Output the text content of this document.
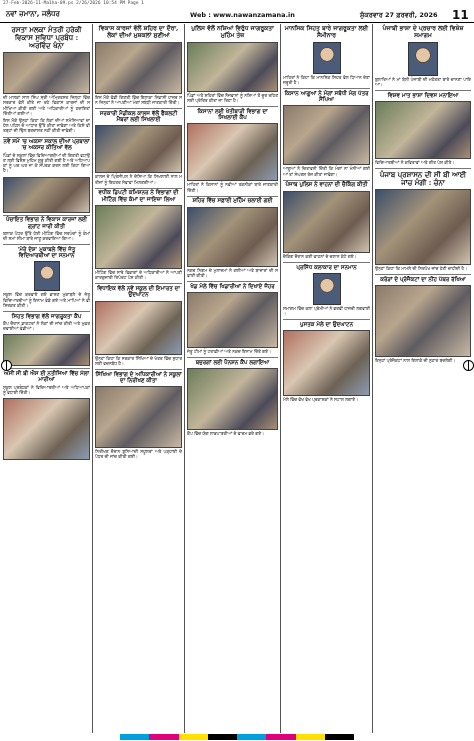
27-Feb-2026-11-Ma1ha-09.ps 2/26/2026 10:54 PM Page 1
ਨਵਾਂ ਜ਼ਮਾਨਾ, ਜਲੰਧਰ	Web : www.nawanzamana.in	ਸ਼ੁੱਕਰਵਾਰ 27 ਫ਼ਰਵਰੀ, 2026 11
ਰਸਤਾ ਮਲਕਾ ਮੰਤਰੀ ਹਰੇਕੀ ਵਿਕਾਸ ਸੁਵਿਧਾ ਪ੍ਰਬੰਧ : ਅਰਵਿੰਦ ਖੰਨਾ

ਦੀ ਮਾਲਕਾਂ ਸਾਲ ਸਿੰਘ ਸ੍ਰੀ ਅੰਮ੍ਰਿਤਸਰ ਜਿਲ੍ਹਾ ਵਿੱਚ ਸਰਕਾਰ ਵੱਲੋਂ ਕੀਤੇ ਜਾ ਰਹੇ ਵਿਕਾਸ ਕਾਰਜਾਂ ਦੀ ਸਮੀਖਿਆ ਕੀਤੀ ਗਈ ਅਤੇ ਅਧਿਕਾਰੀਆਂ ਨੂੰ ਹਦਾਇਤਾਂ ਦਿੱਤੀਆਂ ਗਈਆਂ।

ਇਸ ਮੌਕੇ ਉਨ੍ਹਾਂ ਕਿਹਾ ਕਿ ਲੋਕਾਂ ਦੀਆਂ ਸਮੱਸਿਆਵਾਂ ਦਾ ਹੱਲ ਪਹਿਲ ਦੇ ਆਧਾਰ ਉੱਤੇ ਕੀਤਾ ਜਾਵੇਗਾ ਅਤੇ ਕਿਸੇ ਵੀ ਤਰ੍ਹਾਂ ਦੀ ਢਿੱਲ ਬਰਦਾਸ਼ਤ ਨਹੀਂ ਕੀਤੀ ਜਾਵੇਗੀ।

ਨਵੇਂ ਸਮੇਂ 'ਚ ਅਕਸਾ ਸਕਾਲ ਦੀਆਂ ਪ੍ਰਬਾਲਾਂ 'ਚ ਅਕਸਰ ਕੀਤਿਆਂ ਵੱਲ

ਪਿੰਡਾਂ ਦੇ ਸਕੂਲਾਂ ਵਿੱਚ ਵਿਦਿਆਰਥੀਆਂ ਦੀ ਗਿਣਤੀ ਵਧਾਉਣ ਲਈ ਵਿਸ਼ੇਸ਼ ਮੁਹਿੰਮ ਸ਼ੁਰੂ ਕੀਤੀ ਗਈ ਹੈ ਅਤੇ ਅਧਿਆਪਕਾਂ ਨੂੰ ਘਰ ਘਰ ਜਾ ਕੇ ਸੰਪਰਕ ਕਰਨ ਲਈ ਕਿਹਾ ਗਿਆ ਹੈ।

ਪੰਚਾਇਤ ਵਿਭਾਗ ਨੇ ਵਿਕਾਸ ਕਾਰਜਾਂ ਲਈ ਗ੍ਰਾਂਟ ਜਾਰੀ ਕੀਤੀ

ਬਲਾਕ ਪੱਧਰ ਉੱਤੇ ਹੋਈ ਮੀਟਿੰਗ ਵਿੱਚ ਸਰਪੰਚਾਂ ਨੂੰ ਕੰਮਾਂ ਦੀ ਸਮਾਂ ਸੀਮਾ ਬਾਰੇ ਜਾਣੂ ਕਰਵਾਇਆ ਗਿਆ।

'ਮੇਰੇ ਦੇਸ਼' ਮੁਕਾਬਲੇ ਵਿੱਚ ਜੇਤੂ ਵਿਦਿਆਰਥੀਆਂ ਦਾ ਸਨਮਾਨ

ਸਕੂਲ ਵਿੱਚ ਕਰਵਾਏ ਗਏ ਭਾਸ਼ਣ ਮੁਕਾਬਲੇ ਦੇ ਜੇਤੂ ਵਿਦਿਆਰਥੀਆਂ ਨੂੰ ਇਨਾਮ ਵੰਡੇ ਗਏ ਅਤੇ ਮਾਪਿਆਂ ਨੇ ਵੀ ਸ਼ਿਰਕਤ ਕੀਤੀ।

ਸਿਹਤ ਵਿਭਾਗ ਵੱਲੋਂ ਜਾਗਰੂਕਤਾ ਕੈਂਪ

ਕੈਂਪ ਦੌਰਾਨ ਡਾਕਟਰਾਂ ਨੇ ਲੋਕਾਂ ਦੀ ਜਾਂਚ ਕੀਤੀ ਅਤੇ ਮੁਫ਼ਤ ਦਵਾਈਆਂ ਵੰਡੀਆਂ।

ਅਸੀਂ ਸੀ ਬੀ ਐਸ ਈ ਨਤੀਜਿਆਂ ਵਿੱਚ ਮੱਲਾਂ ਮਾਰੀਆਂ

ਸਕੂਲ ਪ੍ਰਬੰਧਕਾਂ ਨੇ ਵਿਦਿਆਰਥੀਆਂ ਅਤੇ ਅਧਿਆਪਕਾਂ ਨੂੰ ਵਧਾਈ ਦਿੱਤੀ।

ਵਿਕਾਸ ਕਾਰਜਾਂ ਵੱਲੋਂ ਸ਼ਹਿਰ ਦਾ ਦੌਰਾ, ਲੋਕਾਂ ਦੀਆਂ ਮੁਸ਼ਕਲਾਂ ਸੁਣੀਆਂ

ਇਸ ਮੌਕੇ ਵੱਡੀ ਗਿਣਤੀ ਵਿੱਚ ਇਲਾਕਾ ਨਿਵਾਸੀ ਹਾਜ਼ਰ ਸਨ ਜਿਨ੍ਹਾਂ ਨੇ ਆਪਣੀਆਂ ਮੰਗਾਂ ਸਬੰਧੀ ਜਾਣਕਾਰੀ ਦਿੱਤੀ।

ਸਰਕਾਰੀ ਮੈਡੀਕਲ ਕਾਲਜ ਵੱਲੋਂ ਫੈਕਲਟੀ ਮੈਂਬਰਾਂ ਲਈ ਸਿਖਲਾਈ

ਕਾਲਜ ਦੇ ਪ੍ਰਿੰਸੀਪਲ ਨੇ ਦੱਸਿਆ ਕਿ ਸਿਖਲਾਈ ਨਾਲ ਮਰੀਜ਼ਾਂ ਨੂੰ ਬਿਹਤਰ ਸੇਵਾਵਾਂ ਮਿਲਣਗੀਆਂ।

ਵਧੀਕ ਡਿਪਟੀ ਕਮਿਸ਼ਨਰ ਨੇ ਵਿਭਾਗਾਂ ਦੀ ਮੀਟਿੰਗ ਵਿੱਚ ਕੰਮਾਂ ਦਾ ਜਾਇਜ਼ਾ ਲਿਆ

ਮੀਟਿੰਗ ਵਿੱਚ ਸਾਰੇ ਵਿਭਾਗਾਂ ਦੇ ਅਧਿਕਾਰੀਆਂ ਨੇ ਆਪਣੀ ਕਾਰਗੁਜ਼ਾਰੀ ਰਿਪੋਰਟ ਪੇਸ਼ ਕੀਤੀ।

ਵਿਧਾਇਕ ਵੱਲੋਂ ਨਵੇਂ ਸਕੂਲ ਦੀ ਇਮਾਰਤ ਦਾ ਉਦਘਾਟਨ

ਉਨ੍ਹਾਂ ਕਿਹਾ ਕਿ ਸਰਕਾਰ ਸਿੱਖਿਆ ਦੇ ਖੇਤਰ ਵਿੱਚ ਸੁਧਾਰ ਲਈ ਵਚਨਬੱਧ ਹੈ।

ਸਿੱਖਿਆ ਵਿਭਾਗ ਦੇ ਅਧਿਕਾਰੀਆਂ ਨੇ ਸਕੂਲਾਂ ਦਾ ਨਿਰੀਖਣ ਕੀਤਾ

ਨਿਰੀਖਣ ਦੌਰਾਨ ਬੁਨਿਆਦੀ ਸਹੂਲਤਾਂ ਅਤੇ ਪੜ੍ਹਾਈ ਦੇ ਪੱਧਰ ਦੀ ਜਾਂਚ ਕੀਤੀ ਗਈ।

ਪੁਲਿਸ ਵੱਲੋਂ ਨਸ਼ਿਆਂ ਵਿਰੁੱਧ ਜਾਗਰੂਕਤਾ ਮੁਹਿੰਮ ਤੇਜ਼

ਪਿੰਡਾਂ ਅਤੇ ਸ਼ਹਿਰਾਂ ਵਿੱਚ ਨੌਜਵਾਨਾਂ ਨੂੰ ਨਸ਼ਿਆਂ ਤੋਂ ਦੂਰ ਰਹਿਣ ਲਈ ਪ੍ਰੇਰਿਤ ਕੀਤਾ ਜਾ ਰਿਹਾ ਹੈ।

ਕਿਸਾਨਾਂ ਲਈ ਖੇਤੀਬਾੜੀ ਵਿਭਾਗ ਦਾ ਸਿਖਲਾਈ ਕੈਂਪ

ਮਾਹਿਰਾਂ ਨੇ ਕਿਸਾਨਾਂ ਨੂੰ ਨਵੀਆਂ ਤਕਨੀਕਾਂ ਬਾਰੇ ਜਾਣਕਾਰੀ ਦਿੱਤੀ।

ਸ਼ਹਿਰ ਵਿੱਚ ਸਫ਼ਾਈ ਮੁਹਿੰਮ ਚਲਾਈ ਗਈ

ਨਗਰ ਨਿਗਮ ਦੇ ਮੁਲਾਜ਼ਮਾਂ ਨੇ ਗਲੀਆਂ ਅਤੇ ਬਾਜ਼ਾਰਾਂ ਦੀ ਸਫ਼ਾਈ ਕੀਤੀ।

ਖੇਡ ਮੇਲੇ ਵਿੱਚ ਖਿਡਾਰੀਆਂ ਨੇ ਦਿਖਾਏ ਜੌਹਰ

ਜੇਤੂ ਟੀਮਾਂ ਨੂੰ ਟਰਾਫ਼ੀਆਂ ਅਤੇ ਨਕਦ ਇਨਾਮ ਦਿੱਤੇ ਗਏ।

ਬਜ਼ੁਰਗਾਂ ਲਈ ਪੈਨਸ਼ਨ ਕੈਂਪ ਲਗਾਇਆ

ਕੈਂਪ ਵਿੱਚ ਯੋਗ ਲਾਭਪਾਤਰੀਆਂ ਦੇ ਫਾਰਮ ਭਰੇ ਗਏ।

ਮਾਨਸਿਕ ਸਿਹਤ ਬਾਰੇ ਜਾਗਰੂਕਤਾ ਲਈ ਸੈਮੀਨਾਰ

ਮਾਹਿਰਾਂ ਨੇ ਕਿਹਾ ਕਿ ਮਾਨਸਿਕ ਸਿਹਤ ਵੱਲ ਧਿਆਨ ਦੇਣਾ ਜ਼ਰੂਰੀ ਹੈ।

ਕਿਸਾਨ ਆਗੂਆਂ ਨੇ ਮੰਗਾਂ ਸਬੰਧੀ ਮੰਗ ਪੱਤਰ ਸੌਂਪਿਆ

ਆਗੂਆਂ ਨੇ ਚਿਤਾਵਨੀ ਦਿੱਤੀ ਕਿ ਮੰਗਾਂ ਨਾ ਮੰਨੀਆਂ ਗਈਆਂ ਤਾਂ ਸੰਘਰਸ਼ ਤੇਜ਼ ਕੀਤਾ ਜਾਵੇਗਾ।

ਪੰਜਾਬ ਪੁਲਿਸ ਨੇ ਵਾਹਨਾਂ ਦੀ ਚੈਕਿੰਗ ਕੀਤੀ

ਚੈਕਿੰਗ ਦੌਰਾਨ ਕਈ ਵਾਹਨਾਂ ਦੇ ਚਲਾਨ ਕੱਟੇ ਗਏ।

ਪ੍ਰਸਿੱਧ ਕਲਾਕਾਰ ਦਾ ਸਨਮਾਨ

ਸਮਾਗਮ ਵਿੱਚ ਕਲਾ ਪ੍ਰੇਮੀਆਂ ਨੇ ਭਰਵੀਂ ਹਾਜ਼ਰੀ ਲਗਵਾਈ।

ਪੁਸਤਕ ਮੇਲੇ ਦਾ ਉਦਘਾਟਨ

ਮੇਲੇ ਵਿੱਚ ਵੱਖ ਵੱਖ ਪ੍ਰਕਾਸ਼ਕਾਂ ਨੇ ਸਟਾਲ ਲਗਾਏ।

ਪੰਜਾਬੀ ਭਾਸ਼ਾ ਦੇ ਪ੍ਰਚਾਰ ਲਈ ਵਿਸ਼ੇਸ਼ ਸਮਾਗਮ

ਬੁਲਾਰਿਆਂ ਨੇ ਮਾਂ ਬੋਲੀ ਪੰਜਾਬੀ ਦੀ ਮਹੱਤਤਾ ਬਾਰੇ ਚਾਨਣਾ ਪਾਇਆ।

ਵਿਸ਼ਵ ਮਾਤ ਭਾਸ਼ਾ ਦਿਵਸ ਮਨਾਇਆ

ਵਿਦਿਆਰਥੀਆਂ ਨੇ ਕਵਿਤਾਵਾਂ ਅਤੇ ਗੀਤ ਪੇਸ਼ ਕੀਤੇ।

ਪੰਜਾਬ ਪ੍ਰਸ਼ਾਸਨ ਦੀ ਸੀ ਬੀ ਆਈ ਜਾਂਚ ਮੰਗੀ : ਚੰਨਾ

ਉਨ੍ਹਾਂ ਕਿਹਾ ਕਿ ਮਾਮਲੇ ਦੀ ਨਿਰਪੱਖ ਜਾਂਚ ਹੋਣੀ ਚਾਹੀਦੀ ਹੈ।

ਕਰੋੜਾਂ ਦੇ ਪ੍ਰੋਜੈਕਟਾਂ ਦਾ ਨੀਂਹ ਪੱਥਰ ਰੱਖਿਆ

ਇਨ੍ਹਾਂ ਪ੍ਰੋਜੈਕਟਾਂ ਨਾਲ ਇਲਾਕੇ ਦੀ ਨੁਹਾਰ ਬਦਲੇਗੀ।
